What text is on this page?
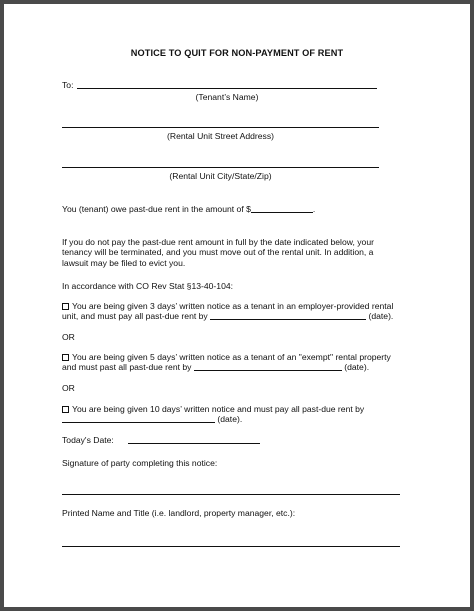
NOTICE TO QUIT FOR NON-PAYMENT OF RENT
To:
(Tenant’s Name)
(Rental Unit Street Address)
(Rental Unit City/State/Zip)
You (tenant) owe past-due rent in the amount of $	.
If you do not pay the past-due rent amount in full by the date indicated below, your
tenancy will be terminated, and you must move out of the rental unit. In addition, a
lawsuit may be filed to evict you.
In accordance with CO Rev Stat §13-40-104:
You are being given 3 days’ written notice as a tenant in an employer-provided rental
unit, and must pay all past-due rent by	(date).
OR
You are being given 5 days’ written notice as a tenant of an "exempt" rental property
and must past all past-due rent by	(date).
OR
You are being given 10 days’ written notice and must pay all past-due rent by
(date).
Today's Date:
Signature of party completing this notice:
Printed Name and Title (i.e. landlord, property manager, etc.):
